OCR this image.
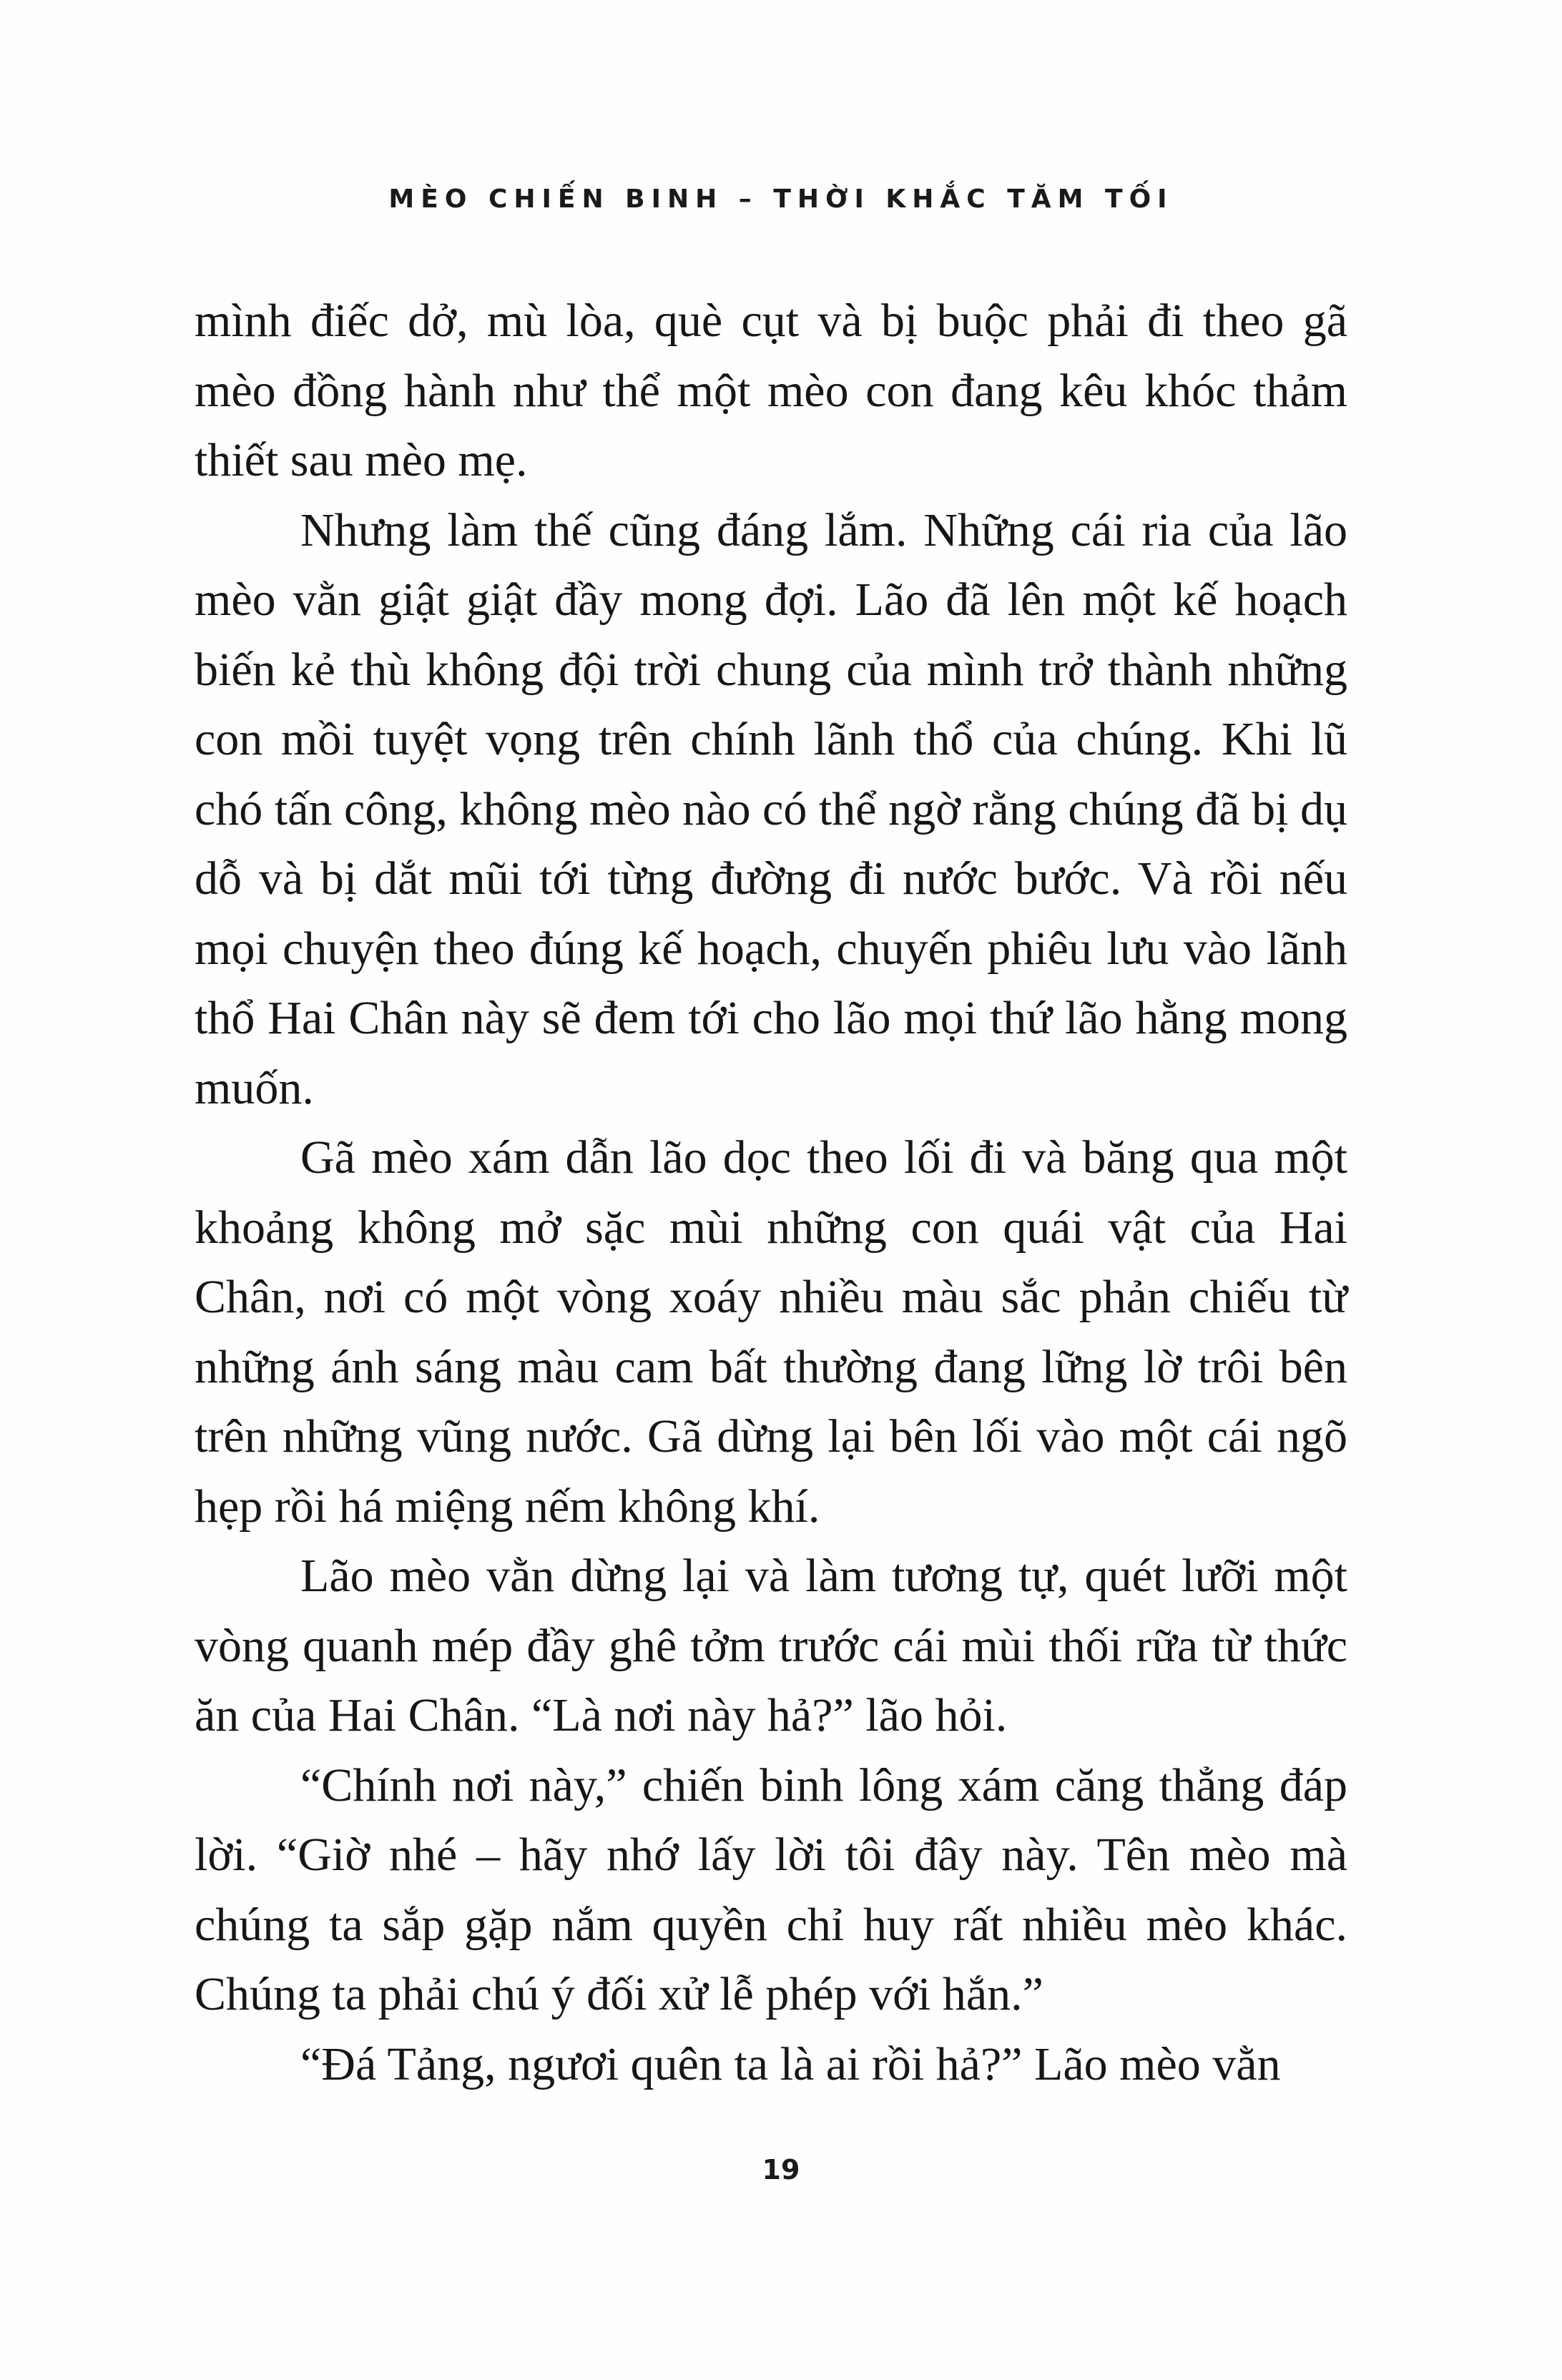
MÈO CHIẾN BINH – THỜI KHẮC TĂM TỐI

mình điếc dở, mù lòa, què cụt và bị buộc phải đi theo gã mèo đồng hành như thể một mèo con đang kêu khóc thảm thiết sau mèo mẹ.

Nhưng làm thế cũng đáng lắm. Những cái ria của lão mèo vằn giật giật đầy mong đợi. Lão đã lên một kế hoạch biến kẻ thù không đội trời chung của mình trở thành những con mồi tuyệt vọng trên chính lãnh thổ của chúng. Khi lũ chó tấn công, không mèo nào có thể ngờ rằng chúng đã bị dụ dỗ và bị dắt mũi tới từng đường đi nước bước. Và rồi nếu mọi chuyện theo đúng kế hoạch, chuyến phiêu lưu vào lãnh thổ Hai Chân này sẽ đem tới cho lão mọi thứ lão hằng mong muốn.

Gã mèo xám dẫn lão dọc theo lối đi và băng qua một khoảng không mở sặc mùi những con quái vật của Hai Chân, nơi có một vòng xoáy nhiều màu sắc phản chiếu từ những ánh sáng màu cam bất thường đang lững lờ trôi bên trên những vũng nước. Gã dừng lại bên lối vào một cái ngõ hẹp rồi há miệng nếm không khí.

Lão mèo vằn dừng lại và làm tương tự, quét lưỡi một vòng quanh mép đầy ghê tởm trước cái mùi thối rữa từ thức ăn của Hai Chân. “Là nơi này hả?” lão hỏi.

“Chính nơi này,” chiến binh lông xám căng thẳng đáp lời. “Giờ nhé – hãy nhớ lấy lời tôi đây này. Tên mèo mà chúng ta sắp gặp nắm quyền chỉ huy rất nhiều mèo khác. Chúng ta phải chú ý đối xử lễ phép với hắn.”

“Đá Tảng, ngươi quên ta là ai rồi hả?” Lão mèo vằn

19
